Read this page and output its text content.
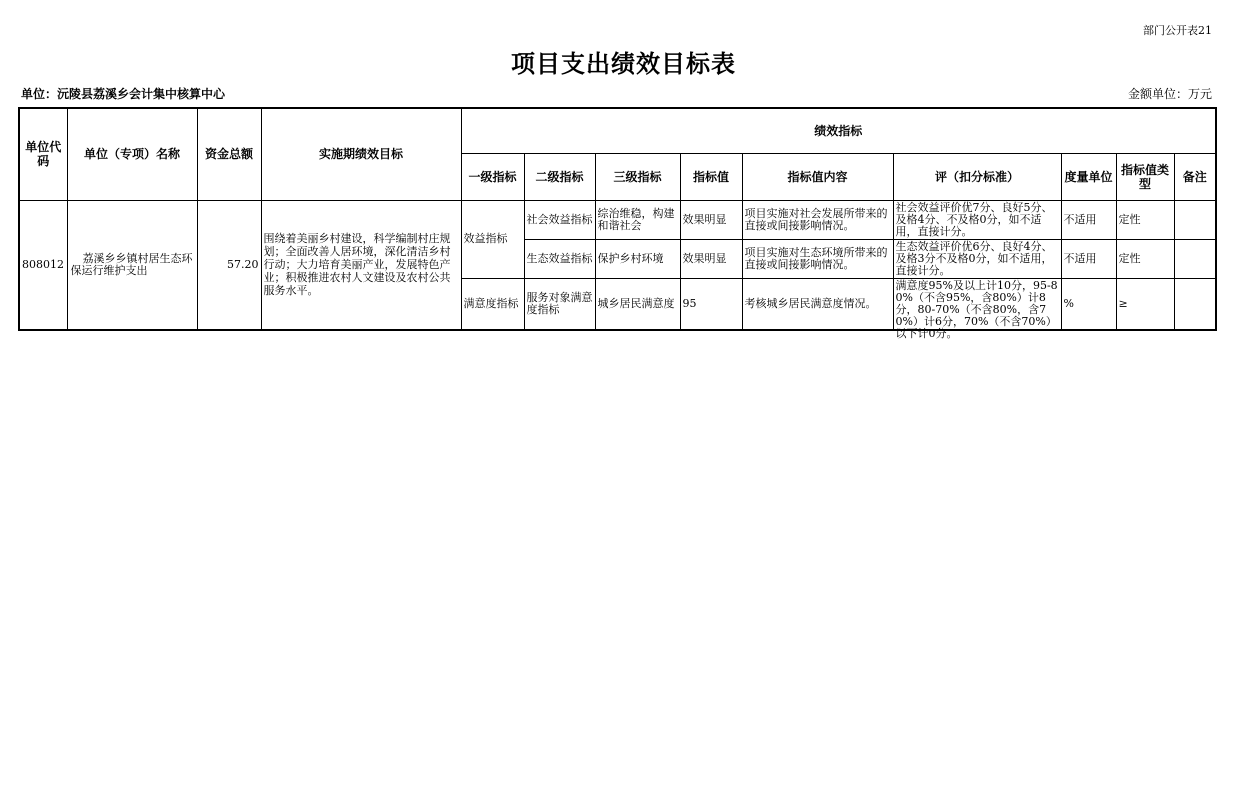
部门公开表21
项目支出绩效目标表
单位：沅陵县荔溪乡会计集中核算中心	金额单位：万元
单位代码	单位（专项）名称	资金总额	实施期绩效目标	绩效指标								
				一级指标	二级指标	三级指标	指标值	指标值内容	评（扣分标准）	度量单位	指标值类型	备注
808012	荔溪乡乡镇村居生态环保运行维护支出	57.20	围绕着美丽乡村建设，科学编制村庄规划；全面改善人居环境，深化清洁乡村行动；大力培育美丽产业，发展特色产业；积极推进农村人文建设及农村公共服务水平。	效益指标	社会效益指标	综治维稳，构建和谐社会	效果明显	项目实施对社会发展所带来的直接或间接影响情况。	社会效益评价优7分、良好5分、及格4分、不及格0分，如不适用，直接计分。	不适用	定性	
					生态效益指标	保护乡村环境	效果明显	项目实施对生态环境所带来的直接或间接影响情况。	生态效益评价优6分、良好4分、及格3分不及格0分，如不适用，直接计分。	不适用	定性	
				满意度指标	服务对象满意度指标	城乡居民满意度	95	考核城乡居民满意度情况。	满意度95%及以上计10分，95-80%（不含95%，含80%）计8分，80-70%（不含80%，含70%）计6分，70%（不含70%）以下计0分。	%	≥	
